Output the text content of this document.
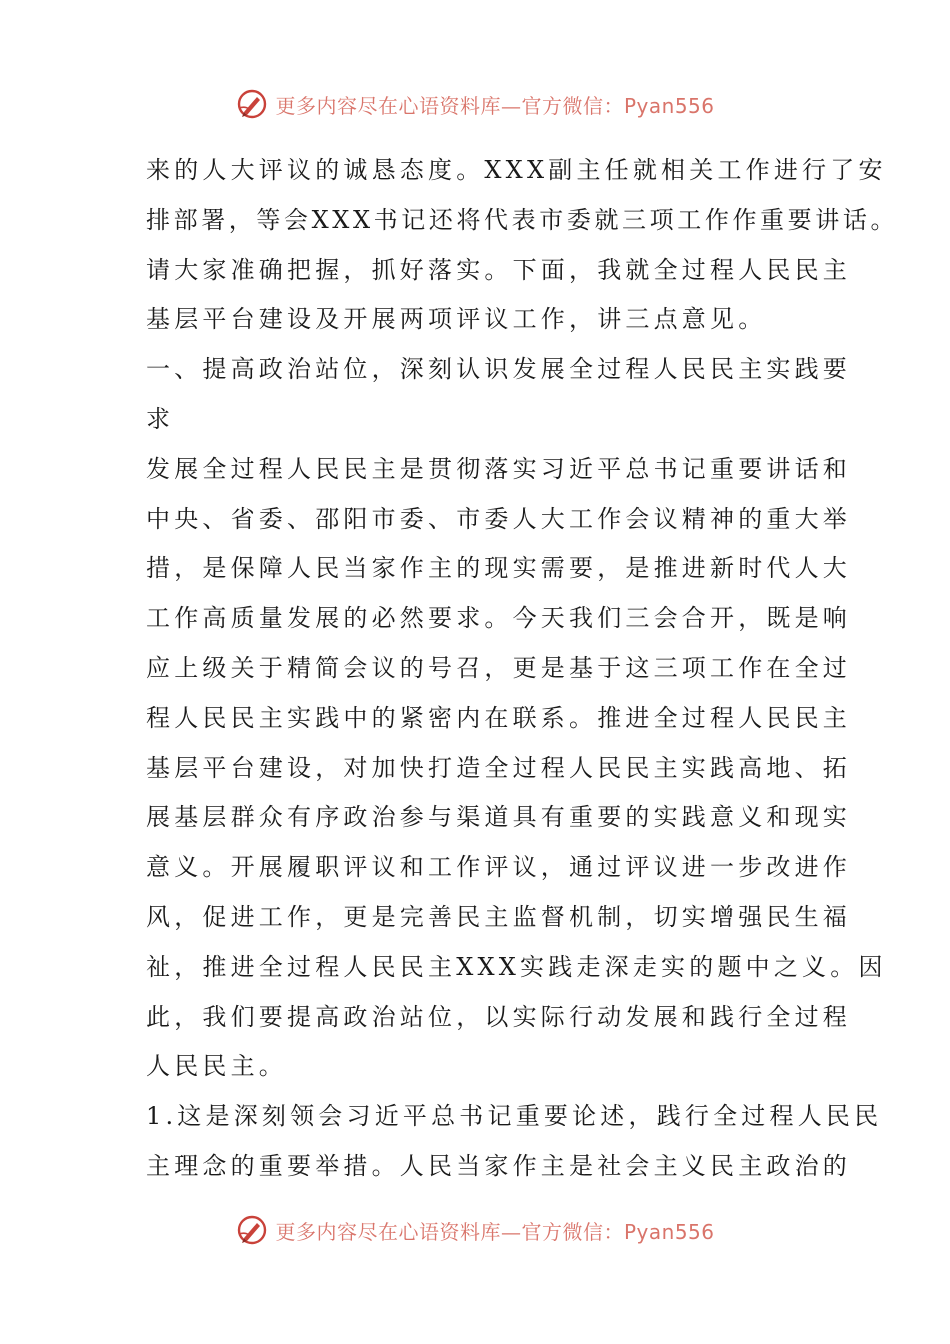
更多内容尽在心语资料库—官方微信：Pyan556
来的人大评议的诚恳态度。XXX副主任就相关工作进行了安
排部署，等会XXX书记还将代表市委就三项工作作重要讲话。
请大家准确把握，抓好落实。下面，我就全过程人民民主
基层平台建设及开展两项评议工作，讲三点意见。
一、提高政治站位，深刻认识发展全过程人民民主实践要
求
发展全过程人民民主是贯彻落实习近平总书记重要讲话和
中央、省委、邵阳市委、市委人大工作会议精神的重大举
措，是保障人民当家作主的现实需要，是推进新时代人大
工作高质量发展的必然要求。今天我们三会合开，既是响
应上级关于精简会议的号召，更是基于这三项工作在全过
程人民民主实践中的紧密内在联系。推进全过程人民民主
基层平台建设，对加快打造全过程人民民主实践高地、拓
展基层群众有序政治参与渠道具有重要的实践意义和现实
意义。开展履职评议和工作评议，通过评议进一步改进作
风，促进工作，更是完善民主监督机制，切实增强民生福
祉，推进全过程人民民主XXX实践走深走实的题中之义。因
此，我们要提高政治站位，以实际行动发展和践行全过程
人民民主。
1.这是深刻领会习近平总书记重要论述，践行全过程人民民
主理念的重要举措。人民当家作主是社会主义民主政治的
更多内容尽在心语资料库—官方微信：Pyan556
